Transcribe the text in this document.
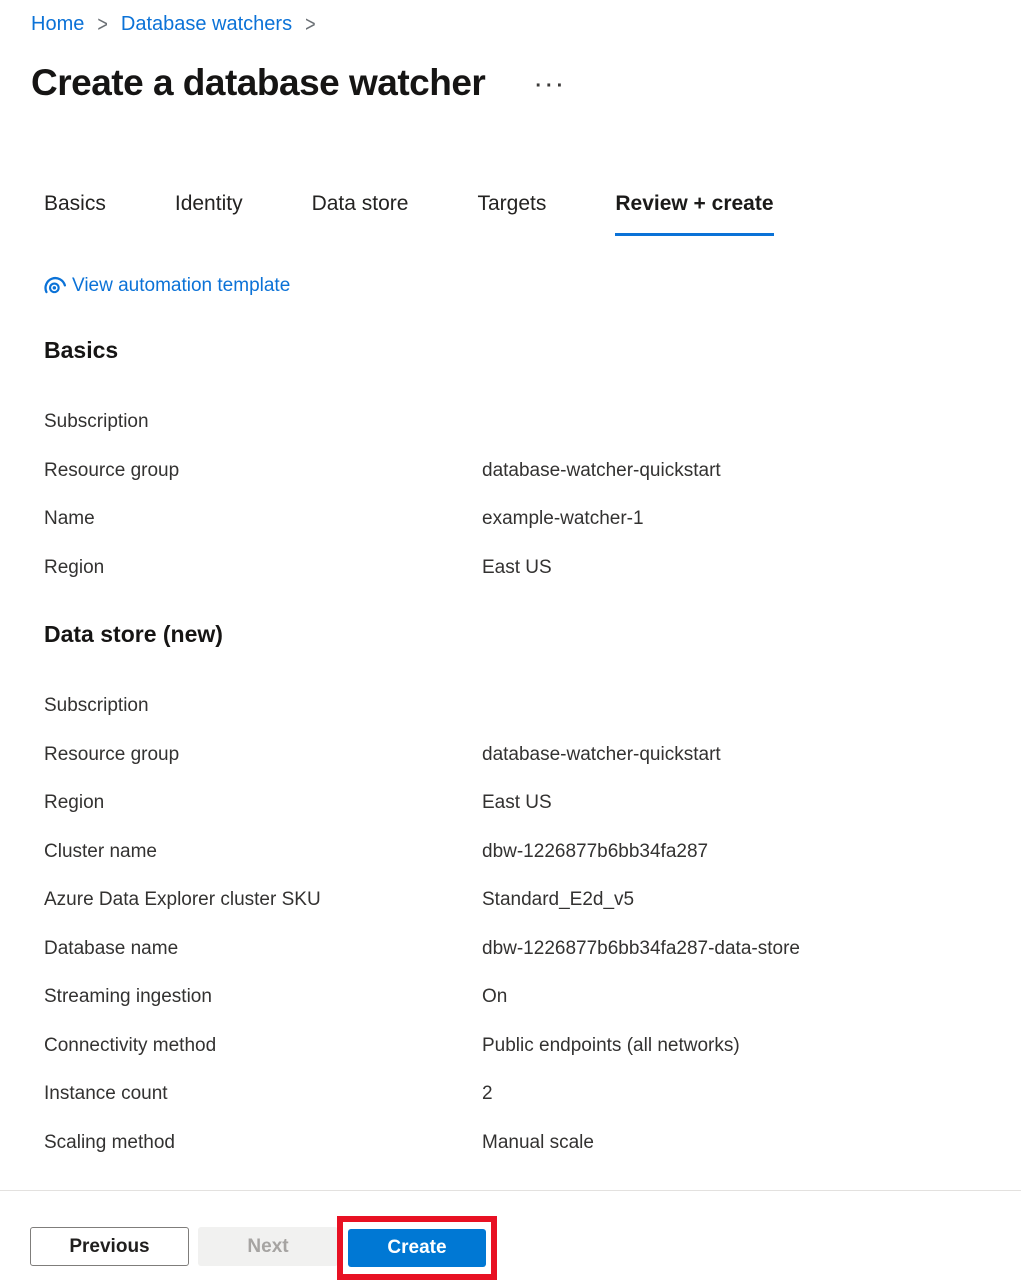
Home > Database watchers >
Create a database watcher	···
Basics	Identity	Data store	Targets	Review + create
View automation template
Basics
Subscription
Resource group	database-watcher-quickstart
Name	example-watcher-1
Region	East US
Data store (new)
Subscription
Resource group	database-watcher-quickstart
Region	East US
Cluster name	dbw-1226877b6bb34fa287
Azure Data Explorer cluster SKU	Standard_E2d_v5
Database name	dbw-1226877b6bb34fa287-data-store
Streaming ingestion	On
Connectivity method	Public endpoints (all networks)
Instance count	2
Scaling method	Manual scale
Previous	Next	Create
